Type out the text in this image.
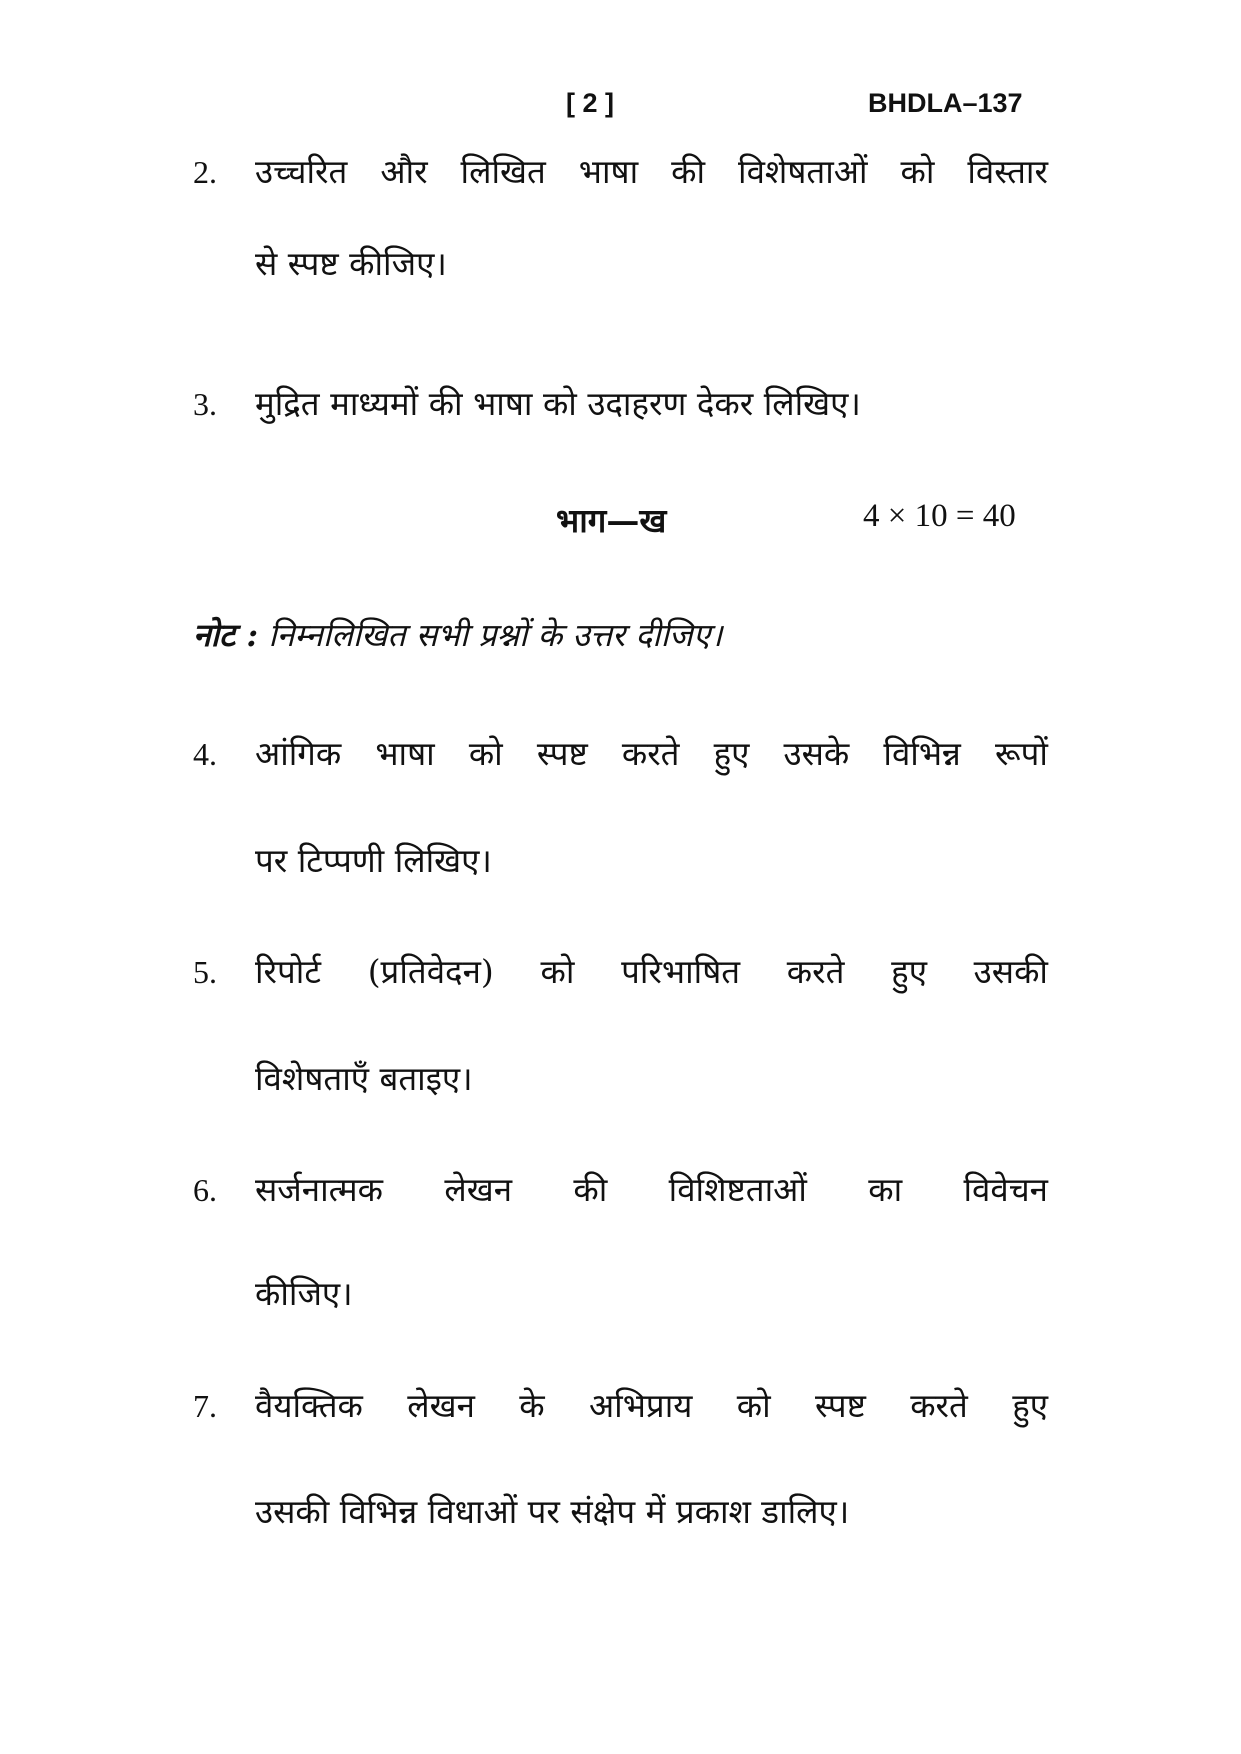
[ 2 ]	BHDLA–137
2. उच्चरित और लिखित भाषा की विशेषताओं को विस्तार
से स्पष्ट कीजिए।
3. मुद्रित माध्यमों की भाषा को उदाहरण देकर लिखिए।
भाग—ख	4 × 10 = 40
नोट : निम्नलिखित सभी प्रश्नों के उत्तर दीजिए।
4. आंगिक भाषा को स्पष्ट करते हुए उसके विभिन्न रूपों
पर टिप्पणी लिखिए।
5. रिपोर्ट (प्रतिवेदन) को परिभाषित करते हुए उसकी
विशेषताएँ बताइए।
6. सर्जनात्मक लेखन की विशिष्टताओं का विवेचन
कीजिए।
7. वैयक्तिक लेखन के अभिप्राय को स्पष्ट करते हुए
उसकी विभिन्न विधाओं पर संक्षेप में प्रकाश डालिए।
